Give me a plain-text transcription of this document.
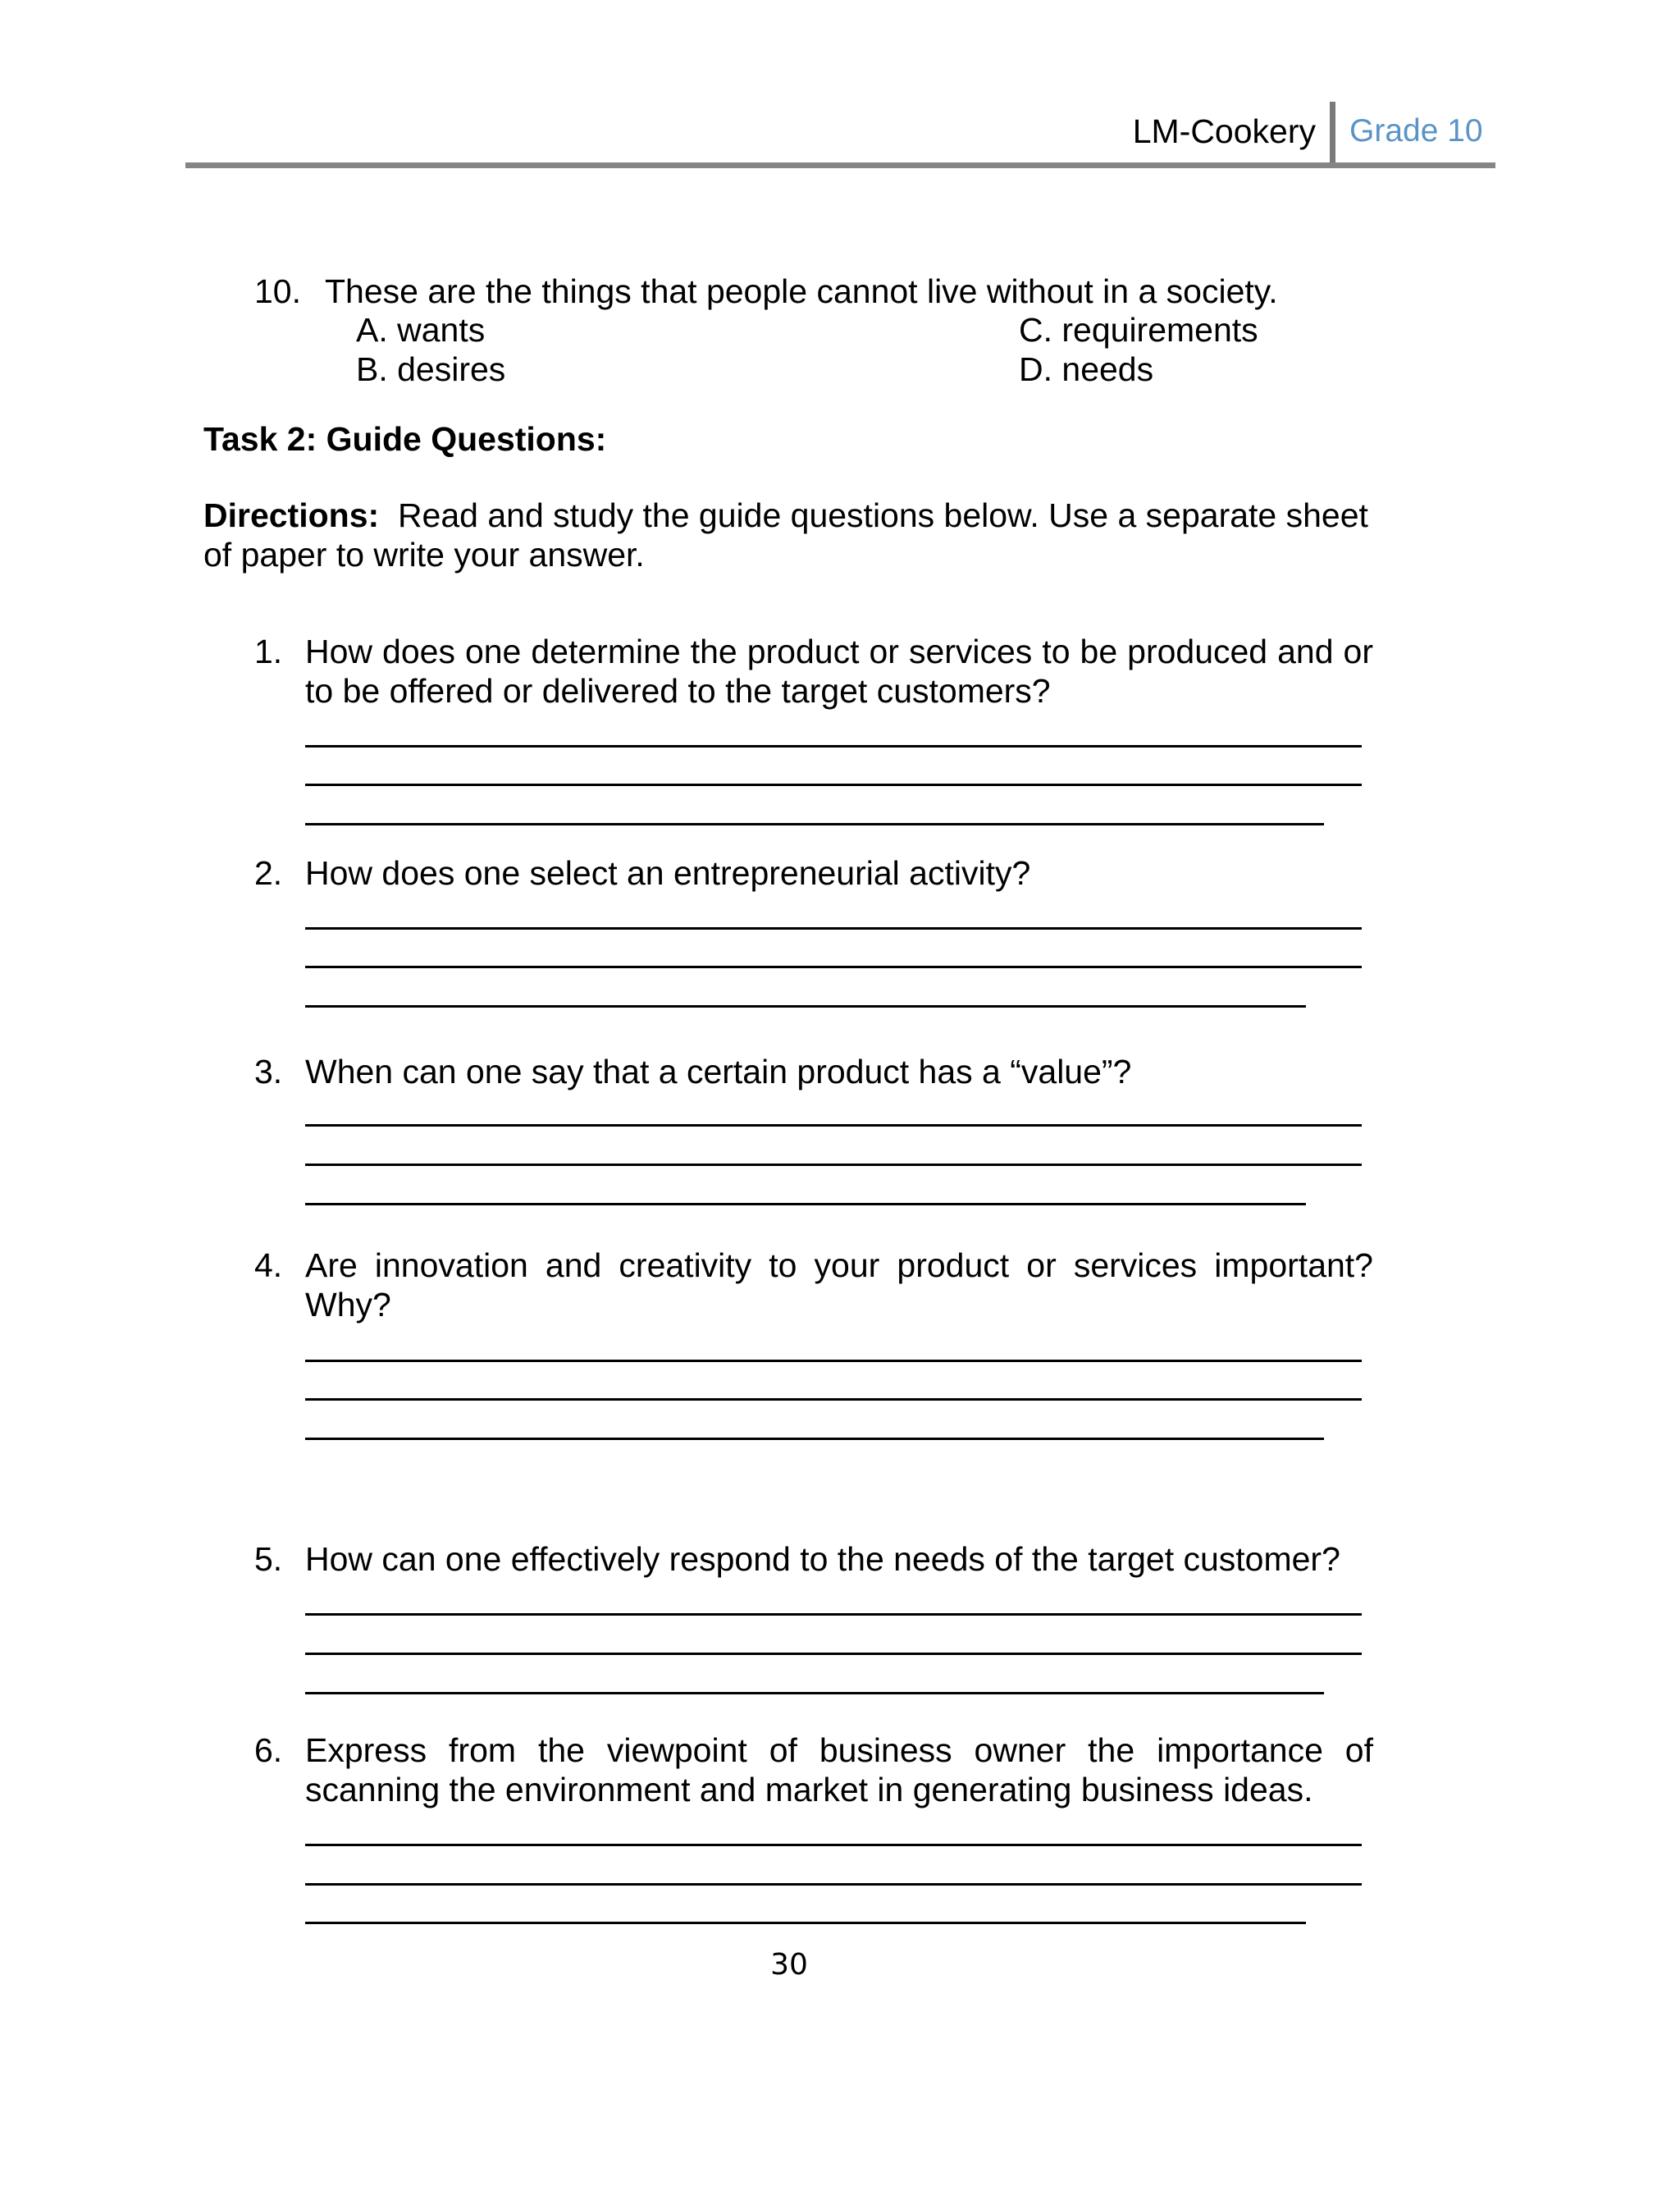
LM-Cookery Grade 10
10. These are the things that people cannot live without in a society.
A. wants
B. desires
C. requirements
D. needs
Task 2: Guide Questions:
Directions: Read and study the guide questions below. Use a separate sheet of paper to write your answer.
1. How does one determine the product or services to be produced and or to be offered or delivered to the target customers?
2. How does one select an entrepreneurial activity?
3. When can one say that a certain product has a “value”?
4. Are innovation and creativity to your product or services important? Why?
5. How can one effectively respond to the needs of the target customer?
6. Express from the viewpoint of business owner the importance of scanning the environment and market in generating business ideas.
30
